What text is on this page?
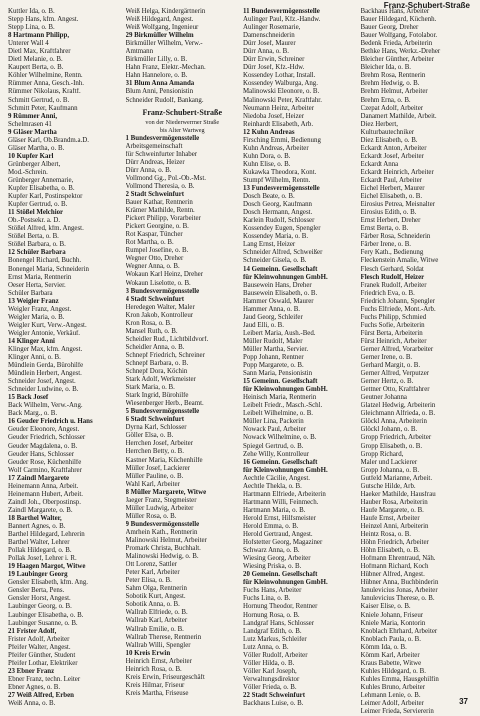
Franz-Schubert-Straße
Kuttler Ida, o. B.
Stepp Hans, kfm. Angest.
Stepp Lina, o. B.
8 Hartmann Philipp,
Unterer Wall 4
Dietl Max, Kraftfahrer
Dietl Melanie, o. B.
Kaupert Berta, o. B.
Köhler Wilhelmine, Rentn.
Rümmer Anna, Gesch.-Inh.
Rümmer Nikolaus, Kraftf.
Schmitt Gertrud, o. B.
Schmitt Peter, Kaufmann
9 Rümmer Anni,
Schelmrasen 41
9 Gläser Martha
Gläser Karl, Ob.Brandm.a.D.
Gläser Martha, o. B.
10 Kupfer Karl
Grünberger Albert,
Mod.-Schrein.
Grünberger Annemarie,
Kupfer Elisabetha, o. B.
Kupfer Karl, Postinspektor
Kupfer Gertrud, o. B.
11 Stößel Melchior
Ob.-Postsekr. a. D.
Stößel Alfred, kfm. Angest.
Stößel Berta, o. B.
Stößel Barbara, o. B.
12 Schüler Barbara
Bonengel Richard, Buchh.
Bonengel Maria, Schneiderin
Ernst Maria, Rentnerin
Oeser Herta, Servier.
Schüler Barbara
13 Weigler Franz
Weigler Franz, Angest.
Weigler Maria, o. B.
Weigler Kurt, Verw.-Angest.
Weigler Antonie, Verkäuf.
14 Klinger Anni
Klinger Max, kfm. Angest.
Klinger Anni, o. B.
Mündlein Gerda, Bürohilfe
Mündlein Herbert, Angest.
Schneider Josef, Angest.
Schneider Ludwine, o. B.
15 Back Josef
Back Wilhelm, Verw.-Ang.
Back Marg., o. B.
16 Geuder Friedrich u. Hans
Geuder Eleonore, Angest.
Geuder Friedrich, Schlosser
Geuder Magdalena, o. B.
Geuder Hans, Schlosser
Geuder Rose, Küchenhilfe
Wolf Carmino, Kraftfahrer
17 Zaindl Margarete
Heinemann Anna, Arbeit.
Heinemann Hubert, Arbeit.
Zaindl Joh., Oberpostinsp.
Zaindl Margarete, o. B.
18 Barthel Walter,
Bannert Agnes, o. B.
Barthel Hildegard, Lehrerin
Barthel Walter, Lehrer
Pollak Hildegard, o. B.
Pollak Josef, Lehrer i. R.
19 Haagen Margot, Witwe
19 Laubinger Georg
Gensler Elisabeth, kfm. Ang.
Gensler Berta, Pens.
Gensler Horst, Angest.
Laubinger Georg, o. B.
Laubinger Elisabetha, o. B.
Laubinger Susanne, o. B.
21 Frister Adolf,
Frister Adolf, Arbeiter
Pfeifer Walter, Angest.
Pfeifer Günther, Student
Pfeifer Lothar, Elektriker
23 Ebner Franz
Ebner Franz, techn. Leiter
Ebner Agnes, o. B.
27 Weiß Alfred, Erben
Weiß Anna, o. B.
Weiß Helga, Kindergärtnerin
Weiß Hildegard, Angest.
Weiß Wolfgang, Ingenieur
29 Birkmüller Wilhelm
Birkmüller Wilhelm, Verw.-
Amtmann
Birkmüller Lilly, o. B.
Hahn Franz, Elektr.-Mechan.
Hahn Hannelore, o. B.
31 Blum Anna Amanda
Blum Anni, Pensionistin
Schneider Rudolf, Bankang.
Franz-Schubert-Straße
von der Niederwerrner Straße
bis Alter Wartweg
1 Bundesvermögensstelle
Arbeitsgemeinschaft
für Schweinfurter Inhaber
Dürr Andreas, Heizer
Dürr Anna, o. B.
Vollmond Gg., Pol.-Ob.-Mst.
Vollmond Theresia, o. B.
2 Stadt Schweinfurt
Bauer Kathar, Rentnerin
Krämer Mathilde, Rentn.
Pickert Philipp, Vorarbeiter
Pickert Georgine, o. B.
Rot Kaspar, Tüncher
Rot Martha, o. B.
Rumpel Josefine, o. B.
Wegner Otto, Dreher
Wegner Anna, o. B.
Wokaun Karl Heinz, Dreher
Wokaun Liselotte, o. B.
3 Bundesvermögensstelle
4 Stadt Schweinfurt
Heredegen Walter, Maler
Kron Jakob, Kontrolleur
Kron Rosa, o. B.
Mansel Ruth, o. B.
Scheidler Rud., Lichtbildvorf.
Scheidler Anna, o. B.
Schnepf Friedrich, Schreiner
Schnepf Barbara, o. B.
Schnepf Dora, Köchin
Stark Adolf, Werkmeister
Stark Maria, o. B.
Stark Ingrid, Bürohilfe
Wiesenberger Herb., Beamt.
5 Bundesvermögensstelle
6 Stadt Schweinfurt
Dyrna Karl, Schlosser
Göller Elsa, o. B.
Herrchen Josef, Arbeiter
Herrchen Betty, o. B.
Kastner Maria, Küchenhilfe
Müller Josef, Lackierer
Müller Pauline, o. B.
Wahl Karl, Arbeiter
8 Müller Margarete, Witwe
Jaeger Franz, Stegmeister
Müller Ludwig, Arbeiter
Müller Rosa, o. B.
9 Bundesvermögensstelle
Amrhein Kath., Rentnerin
Malinowski Helmut, Arbeiter
Promark Christa, Buchhalt.
Malinowski Hedwig, o. B.
Ott Lorenz, Sattler
Peter Karl, Arbeiter
Peter Elisa, o. B.
Sahm Olga, Rentnerin
Sobotik Kurt, Angest.
Sobotik Anna, o. B.
Wallrab Elfriede, o. B.
Wallrab Karl, Arbeiter
Wallrab Emilie, o. B.
Wallrab Therese, Rentnerin
Wallrab Willi, Spengler
10 Kreis Erwin
Heinrich Ernst, Arbeiter
Heinrich Rosa, o. B.
Kreis Erwin, Friseurgeschäft
Kreis Hilmar, Friseur
Kreis Martha, Friseuse
11 Bundesvermögensstelle
Aulinger Paul, Kfz.-Handw.
Aulinger Rosemarie,
Damenschneiderin
Dürr Josef, Maurer
Dürr Anna, o. B.
Dürr Erwin, Schreiner
Dürr Josef, Kfz.-Hdw.
Kossendey Lothar, Install.
Kossendey Walburga, Ang.
Malinowski Eleonore, o. B.
Malinowski Peter, Kraftfahr.
Neumann Heinz, Arbeiter
Niedoba Josef, Heizer
Reinhardt Elisabeth, Arb.
12 Kuhn Andreas
Firsching Emmi, Bedienung
Kuhn Andreas, Arbeiter
Kuhn Dora, o. B.
Kuhn Elise, o. B.
Kukawka Theodora, Kont.
Stumpf Wilhelm, Rentn.
13 Fundesvermögensstelle
Dosch Beate, o. B.
Dosch Georg, Kaufmann
Dosch Hermann, Angest.
Karlein Rudolf, Schlosser
Kossendey Eugen, Spengler
Kossendey Maria, o. B.
Lang Ernst, Heizer
Schneider Alfred, Schweißer
Schneider Gisela, o. B.
14 Gemeinn. Gesellschaft
für Kleinwohnungen GmbH.
Bausewein Hans, Dreher
Bausewein Elisabeth, o. B.
Hammer Oswald, Maurer
Hammer Anna, o. B.
Jaud Georg, Schleifer
Jaud Elli, o. B.
Leibert Maria, Aush.-Bed.
Müller Rudolf, Maler
Müller Martha, Servier.
Popp Johann, Rentner
Popp Margarete, o. B.
Sann Maria, Pensionistin
15 Gemeinn. Gesellschaft
für Kleinwohnungen GmbH.
Heinisch Maria, Rentnerin
Leibelt Friedr., Masch.-Schl.
Leibelt Wilhelmine, o. B.
Müller Lina, Packerin
Nowack Paul, Arbeiter
Nowack Wilhelmine, o. B.
Spiegel Gertrud, o. B.
Zehe Willy, Kontrolleur
16 Gemeinn. Gesellschaft
für Kleinwohnungen GmbH.
Aechtle Cäcilie, Angest.
Aechtle Thekla, o. B.
Hartmann Elfriede, Arbeiterin
Hartmann Willi, Feinmech.
Hartmann Maria, o. B.
Herold Ernst, Hilfsmeister
Herold Emma, o. B.
Herold Gertraud, Angest.
Hofstetter Georg, Magaziner
Schwarz Anna, o. B.
Wiesing Georg, Arbeiter
Wiesing Priska, o. B.
20 Gemeinn. Gesellschaft
für Kleinwohnungen GmbH.
Fuchs Hans, Arbeiter
Fuchs Lina, o. B.
Hornung Theodor, Rentner
Hornung Rosa, o. B.
Landgraf Hans, Schlosser
Landgraf Edith, o. B.
Lutz Markus, Schleifer
Lutz Anna, o. B.
Völler Rudolf, Arbeiter
Völler Hilda, o. B.
Völler Karl Joseph,
Verwaltungsdirektor
Völler Frieda, o. B.
22 Stadt Schweinfurt
Backhaus Luise, o. B.
Backhaus Hans, Arbeiter
Bauer Hildegard, Küchenh.
Bauer Georg, Dreher
Bauer Wolfgang, Fotolabor.
Bedenk Frieda, Arbeiterin
Bethke Hans, Werkz.-Dreher
Bleicher Günther, Arbeiter
Bleicher Ida, o. B.
Brehm Rosa, Rentnerin
Brehm Hedwig, o. B.
Brehm Helmut, Arbeiter
Brehm Erna, o. B.
Czepat Adolf, Arbeiter
Danamert Mathilde, Arbeit.
Diez Herbert,
Kulturbautechniker
Diez Elisabeth, o. B.
Eckardt Anton, Arbeiter
Eckardt Josef, Arbeiter
Eckardt Anna
Eckardt Heinrich, Arbeiter
Eckardt Paul, Arbeiter
Eichel Herbert, Maurer
Eichel Elisabeth, o. B.
Eirosius Petrea, Meisnalter
Eirosius Edith, o. B.
Ernst Herbert, Dreher
Ernst Berta, o. B.
Färber Rosa, Schneiderin
Färber Irene, o. B.
Fery Kath., Bedienung
Fleckenstein Amalie, Witwe
Flesch Gerhard, Soldat
Flesch Rudolf, Heizer
Franek Rudolf, Arbeiter
Friedrich Eva, o. B.
Friedrich Johann, Spengler
Fuchs Elfriede, Mont.-Arb.
Fuchs Philipp, Schmied
Fuchs Sofie, Arbeiterin
Fürst Berta, Arbeiterin
Fürst Heinrich, Arbeiter
Gerner Alfred, Vorarbeiter
Gerner Irene, o. B.
Gerhard Margit, o. B.
Gerner Alfred, Verputzer
Gerner Hertz, o. B.
Gettner Otto, Kraftfahrer
Geutner Johanna
Glatzel Hedwig, Arbeiterin
Gleichmann Alfrieda, o. B.
Glöckl Anna, Arbeiterin
Glöckl Johann, o. B.
Gropp Friedrich, Arbeiter
Gropp Elisabeth, o. B.
Gropp Richard,
Maler und Lackierer
Gropp Johanna, o. B.
Gutfeld Marianne, Arbeit.
Gutsche Hilde, Arb.
Haeker Mathilde, Hausfrau
Hauber Rosa, Arbeiterin
Haufe Margarete, o. B.
Haufe Ernst, Arbeiter
Heinzel Anni, Arbeiterin
Heintz Rosa, o. B.
Höhn Friedrich, Arbeiter
Höhn Elisabeth, o. B.
Hofmann Ehrentraud, Näh.
Hofmann Richard, Koch
Hübner Alfred, Angest.
Hübner Anna, Buchbinderin
Janulevicius Jonas, Arbeiter
Janulevicius Therese, o. B.
Kaiser Elise, o. B.
Kniele Johann, Friseur
Kniele Maria, Kontorin
Knoblach Ehrhard, Arbeiter
Knoblach Paula, o. B.
Kömm Ida, o. B.
Kömm Karl, Arbeiter
Kraus Babette, Witwe
Kuhles Hildegard, o. B.
Kuhles Emma, Hausgehilfin
Kuhles Bruno, Arbeiter
Lehmann Lenie, o. B.
Leimer Adolf, Arbeiter
Leimer Frieda, Serviererin
37
